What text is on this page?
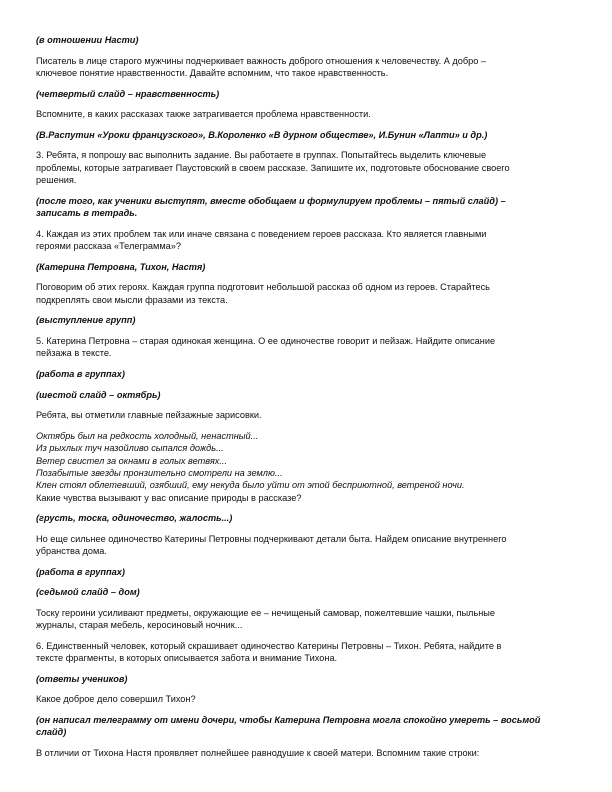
(в отношении Насти)

Писатель в лице старого мужчины подчеркивает важность доброго отношения к человечеству. А добро –
ключевое понятие нравственности. Давайте вспомним, что такое нравственность.

(четвертый слайд – нравственность)

Вспомните, в каких рассказах также затрагивается проблема нравственности.

(В.Распутин «Уроки французского», В.Короленко «В дурном обществе», И.Бунин «Лапти» и др.)

3. Ребята, я попрошу вас выполнить задание. Вы работаете в группах. Попытайтесь выделить ключевые
проблемы, которые затрагивает Паустовский в своем рассказе. Запишите их, подготовьте обоснование своего
решения.

(после того, как ученики выступят, вместе обобщаем и формулируем проблемы – пятый слайд) –
записать в тетрадь.

4. Каждая из этих проблем так или иначе связана с поведением героев рассказа. Кто является главными
героями рассказа «Телеграмма»?

(Катерина Петровна, Тихон, Настя)

Поговорим об этих героях. Каждая группа подготовит небольшой рассказ об одном из героев. Старайтесь
подкреплять свои мысли фразами из текста.

(выступление групп)

5. Катерина Петровна – старая одинокая женщина. О ее одиночестве говорит и пейзаж. Найдите описание
пейзажа в тексте.

(работа в группах)

(шестой слайд – октябрь)

Ребята, вы отметили главные пейзажные зарисовки.

Октябрь был на редкость холодный, ненастный...
Из рыхлых туч назойливо сыпался дождь...
Ветер свистел за окнами в голых ветвях...
Позабытые звезды пронзительно смотрели на землю...
Клен стоял облетевший, озябший, ему некуда было уйти от этой бесприютной, ветреной ночи.
Какие чувства вызывают у вас описание природы в рассказе?

(грусть, тоска, одиночество, жалость...)

Но еще сильнее одиночество Катерины Петровны подчеркивают детали быта. Найдем описание внутреннего
убранства дома.

(работа в группах)

(седьмой слайд – дом)

Тоску героини усиливают предметы, окружающие ее – нечищеный самовар, пожелтевшие чашки, пыльные
журналы, старая мебель, керосиновый ночник...

6. Единственный человек, который скрашивает одиночество Катерины Петровны – Тихон. Ребята, найдите в
тексте фрагменты, в которых описывается забота и внимание Тихона.

(ответы учеников)

Какое доброе дело совершил Тихон?

(он написал телеграмму от имени дочери, чтобы Катерина Петровна могла спокойно умереть – восьмой
слайд)

В отличии от Тихона Настя проявляет полнейшее равнодушие к своей матери. Вспомним такие строки:
